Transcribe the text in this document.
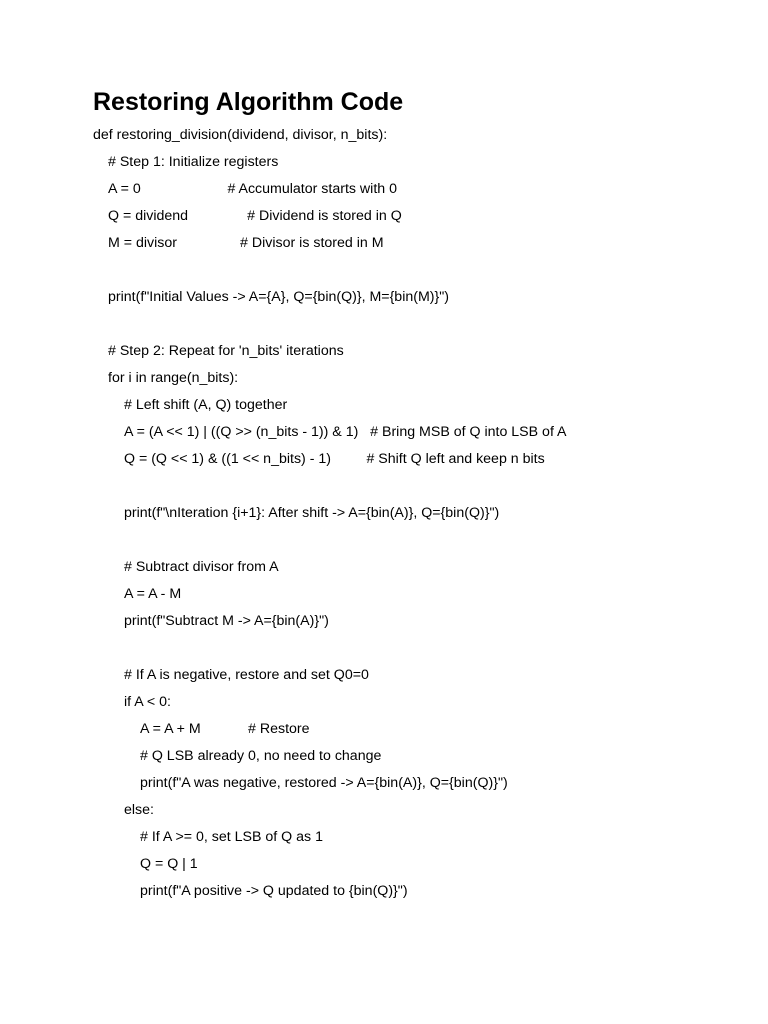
Restoring Algorithm Code
def restoring_division(dividend, divisor, n_bits):
# Step 1: Initialize registers
A = 0                      # Accumulator starts with 0
Q = dividend               # Dividend is stored in Q
M = divisor                # Divisor is stored in M
print(f"Initial Values -> A={A}, Q={bin(Q)}, M={bin(M)}")
# Step 2: Repeat for 'n_bits' iterations
for i in range(n_bits):
# Left shift (A, Q) together
A = (A << 1) | ((Q >> (n_bits - 1)) & 1)   # Bring MSB of Q into LSB of A
Q = (Q << 1) & ((1 << n_bits) - 1)         # Shift Q left and keep n bits
print(f"\nIteration {i+1}: After shift -> A={bin(A)}, Q={bin(Q)}")
# Subtract divisor from A
A = A - M
print(f"Subtract M -> A={bin(A)}")
# If A is negative, restore and set Q0=0
if A < 0:
A = A + M            # Restore
# Q LSB already 0, no need to change
print(f"A was negative, restored -> A={bin(A)}, Q={bin(Q)}")
else:
# If A >= 0, set LSB of Q as 1
Q = Q | 1
print(f"A positive -> Q updated to {bin(Q)}")
